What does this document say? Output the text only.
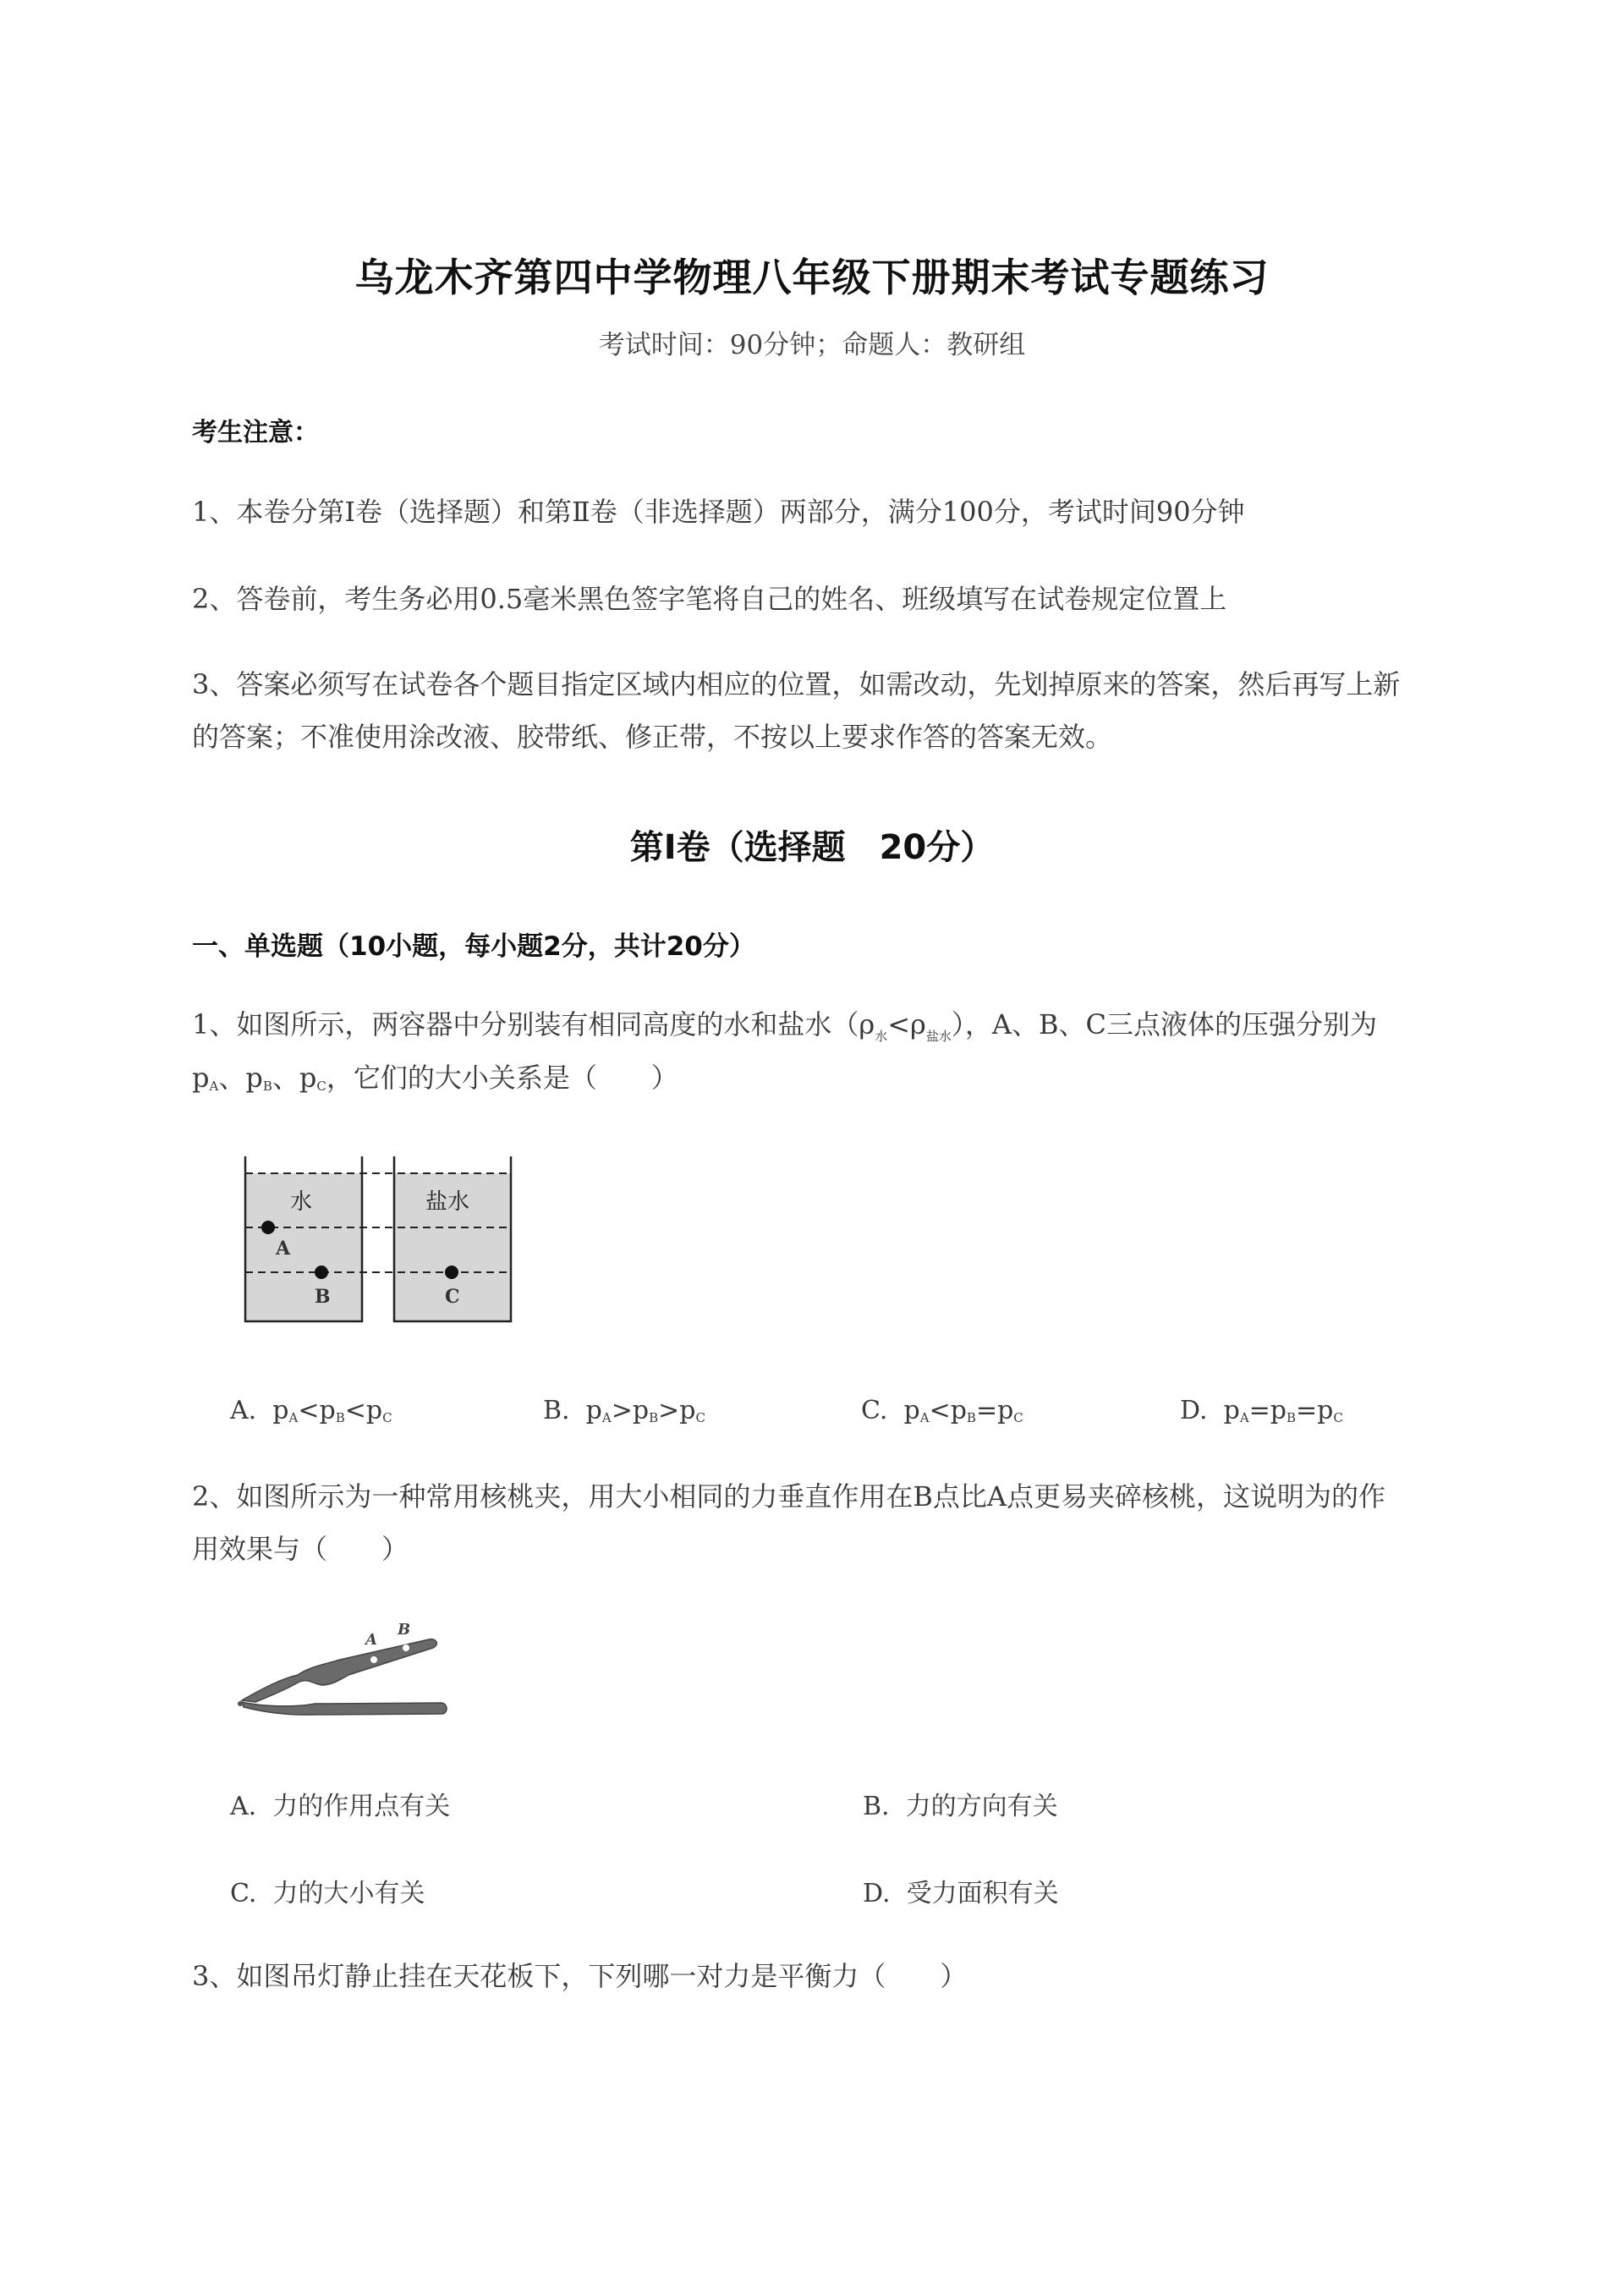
乌龙木齐第四中学物理八年级下册期末考试专题练习
考试时间：90分钟；命题人：教研组
考生注意：
1、本卷分第Ⅰ卷（选择题）和第Ⅱ卷（非选择题）两部分，满分100分，考试时间90分钟
2、答卷前，考生务必用0.5毫米黑色签字笔将自己的姓名、班级填写在试卷规定位置上
3、答案必须写在试卷各个题目指定区域内相应的位置，如需改动，先划掉原来的答案，然后再写上新
的答案；不准使用涂改液、胶带纸、修正带，不按以上要求作答的答案无效。
第Ⅰ卷（选择题　20分）
一、单选题（10小题，每小题2分，共计20分）
1、如图所示，两容器中分别装有相同高度的水和盐水$(\rho_水<\rho_{盐水})$，A、B、C三点液体的压强分别为
$p_A$、$p_B$、$p_C$，它们的大小关系是（　　）
水	盐水
A
B	C
A. $p_A<p_B<p_C$	B. $p_A>p_B>p_C$	C. $p_A<p_B=p_C$	D. $p_A=p_B=p_C$
2、如图所示为一种常用核桃夹，用大小相同的力垂直作用在B点比A点更易夹碎核桃，这说明为的作
用效果与（　　）
A
B
A. 力的作用点有关	B. 力的方向有关
C. 力的大小有关	D. 受力面积有关
3、如图吊灯静止挂在天花板下，下列哪一对力是平衡力（　　）
